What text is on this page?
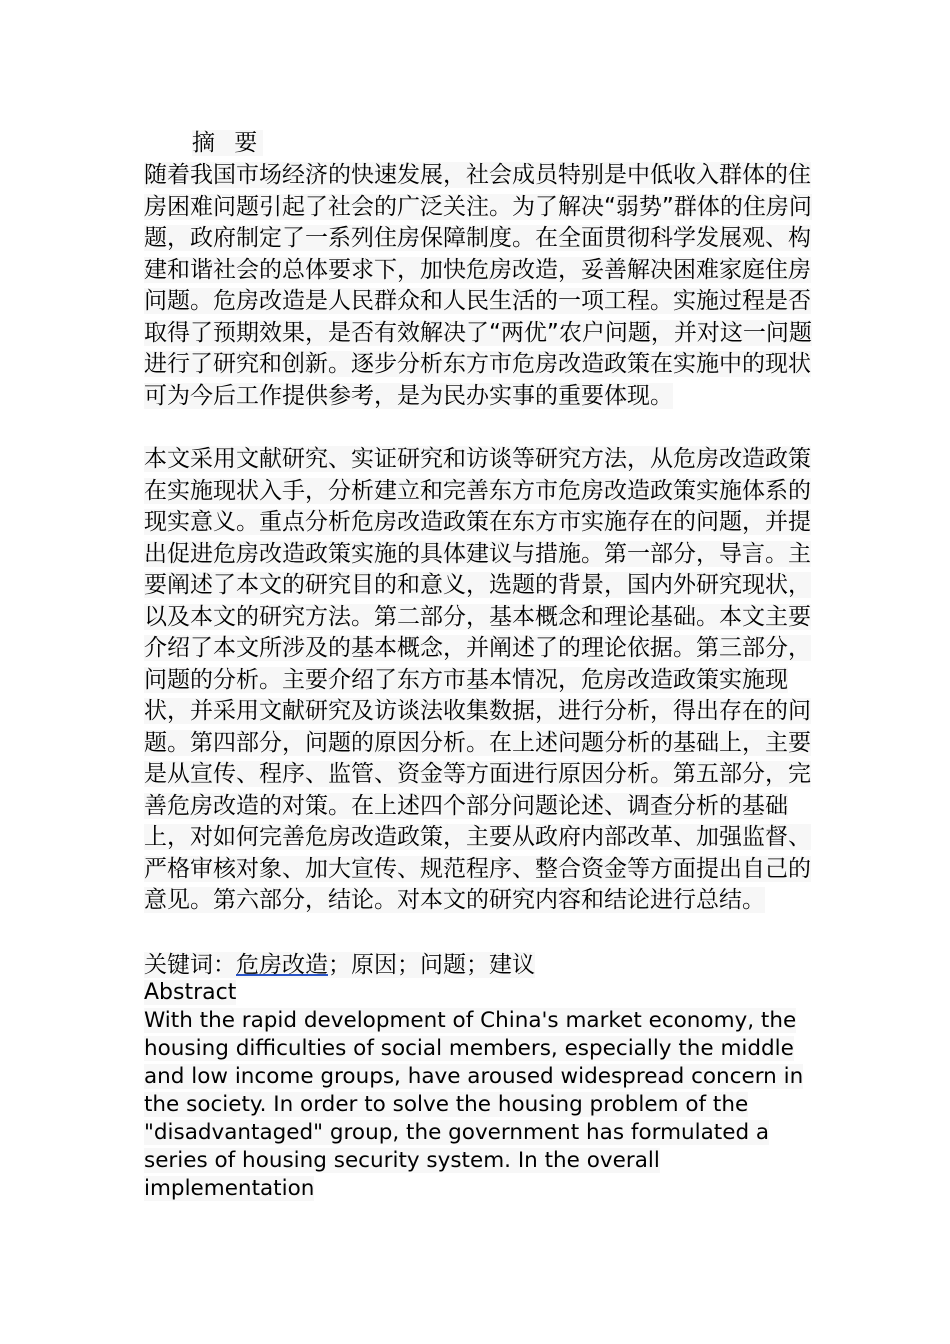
摘 要

随着我国市场经济的快速发展，社会成员特别是中低收入群体的住房困难问题引起了社会的广泛关注。为了解决“弱势”群体的住房问题，政府制定了一系列住房保障制度。在全面贯彻科学发展观、构建和谐社会的总体要求下，加快危房改造，妥善解决困难家庭住房问题。危房改造是人民群众和人民生活的一项工程。实施过程是否取得了预期效果，是否有效解决了“两优”农户问题，并对这一问题进行了研究和创新。逐步分析东方市危房改造政策在实施中的现状可为今后工作提供参考，是为民办实事的重要体现。

本文采用文献研究、实证研究和访谈等研究方法，从危房改造政策在实施现状入手，分析建立和完善东方市危房改造政策实施体系的现实意义。重点分析危房改造政策在东方市实施存在的问题，并提出促进危房改造政策实施的具体建议与措施。第一部分，导言。主要阐述了本文的研究目的和意义，选题的背景，国内外研究现状，以及本文的研究方法。第二部分，基本概念和理论基础。本文主要介绍了本文所涉及的基本概念，并阐述了的理论依据。第三部分，问题的分析。主要介绍了东方市基本情况，危房改造政策实施现状，并采用文献研究及访谈法收集数据，进行分析，得出存在的问题。第四部分，问题的原因分析。在上述问题分析的基础上，主要是从宣传、程序、监管、资金等方面进行原因分析。第五部分，完善危房改造的对策。在上述四个部分问题论述、调查分析的基础上，对如何完善危房改造政策，主要从政府内部改革、加强监督、严格审核对象、加大宣传、规范程序、整合资金等方面提出自己的意见。第六部分，结论。对本文的研究内容和结论进行总结。

关键词：危房改造；原因；问题；建议
Abstract

With the rapid development of China's market economy, the housing difficulties of social members, especially the middle and low income groups, have aroused widespread concern in the society. In order to solve the housing problem of the "disadvantaged" group, the government has formulated a series of housing security system. In the overall implementation
